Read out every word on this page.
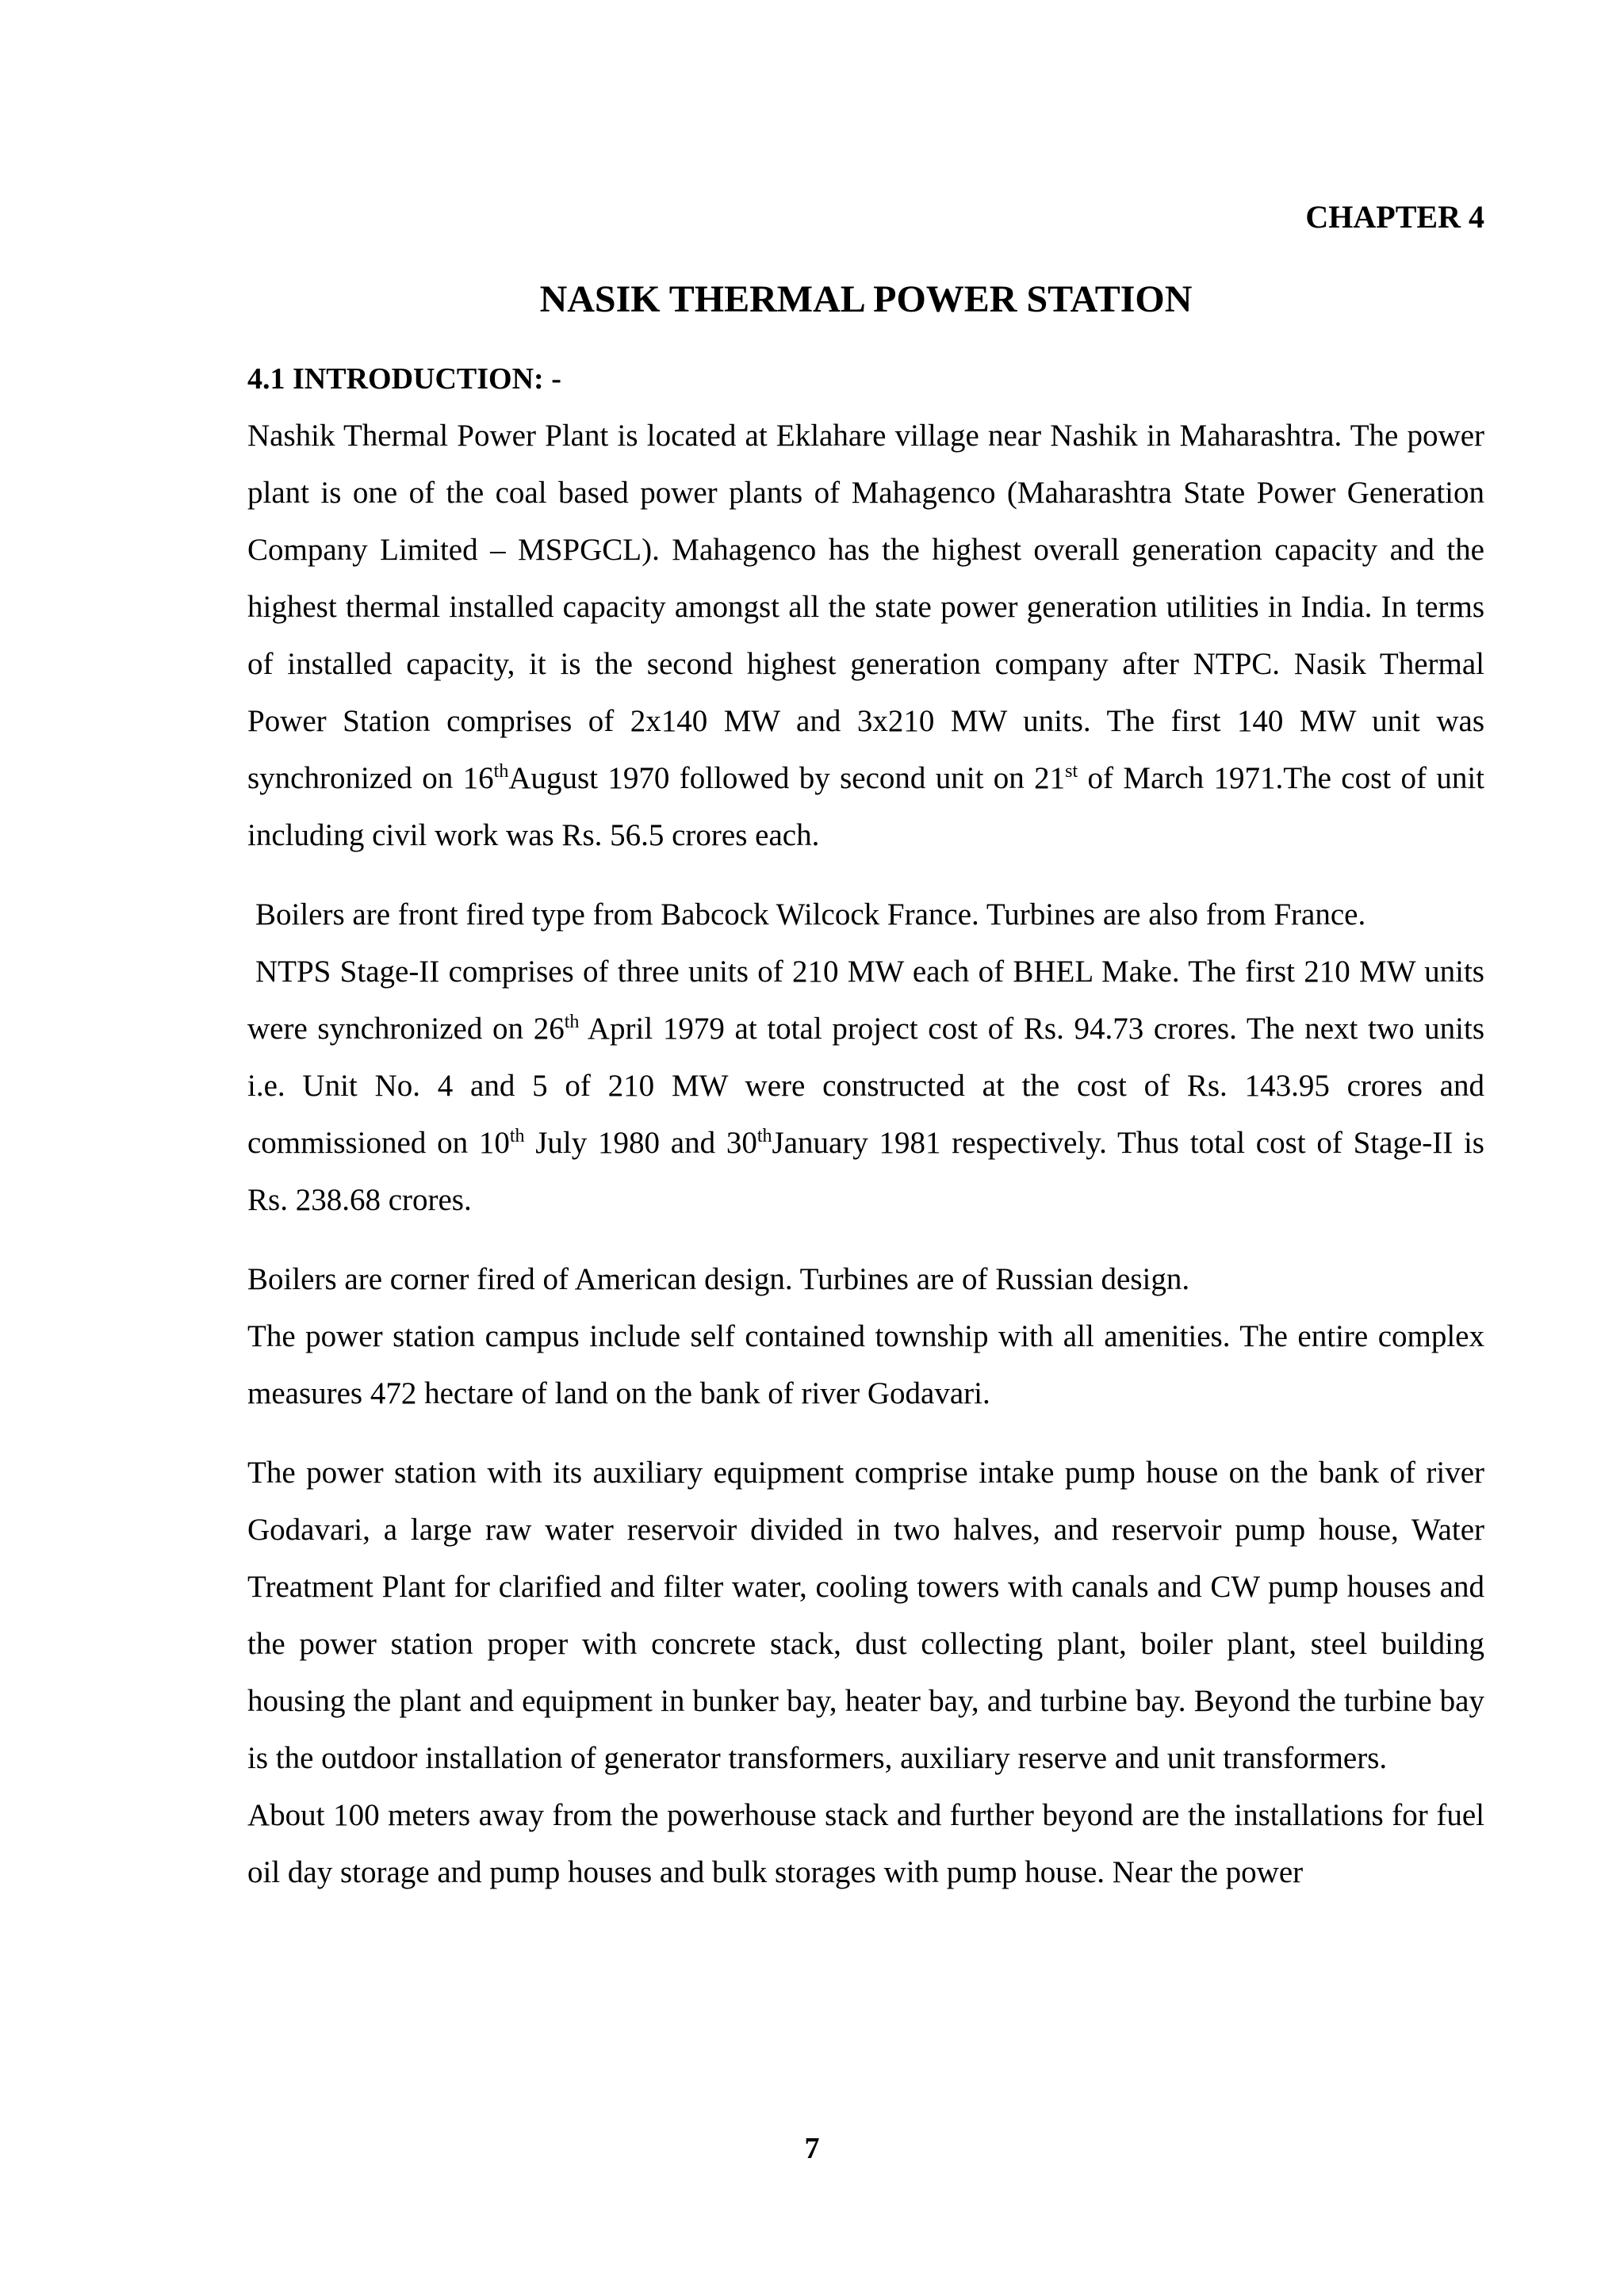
CHAPTER 4

NASIK THERMAL POWER STATION
4.1 INTRODUCTION: -

Nashik Thermal Power Plant is located at Eklahare village near Nashik in Maharashtra. The power plant is one of the coal based power plants of Mahagenco (Maharashtra State Power Generation Company Limited – MSPGCL). Mahagenco has the highest overall generation capacity and the highest thermal installed capacity amongst all the state power generation utilities in India. In terms of installed capacity, it is the second highest generation company after NTPC. Nasik Thermal Power Station comprises of 2x140 MW and 3x210 MW units. The first 140 MW unit was synchronized on 16thAugust 1970 followed by second unit on 21st of March 1971.The cost of unit including civil work was Rs. 56.5 crores each.

Boilers are front fired type from Babcock Wilcock France. Turbines are also from France.

NTPS Stage-II comprises of three units of 210 MW each of BHEL Make. The first 210 MW units were synchronized on 26th April 1979 at total project cost of Rs. 94.73 crores. The next two units i.e. Unit No. 4 and 5 of 210 MW were constructed at the cost of Rs. 143.95 crores and commissioned on 10th July 1980 and 30thJanuary 1981 respectively. Thus total cost of Stage-II is Rs. 238.68 crores.

Boilers are corner fired of American design. Turbines are of Russian design.

The power station campus include self contained township with all amenities. The entire complex measures 472 hectare of land on the bank of river Godavari.

The power station with its auxiliary equipment comprise intake pump house on the bank of river Godavari, a large raw water reservoir divided in two halves, and reservoir pump house, Water Treatment Plant for clarified and filter water, cooling towers with canals and CW pump houses and the power station proper with concrete stack, dust collecting plant, boiler plant, steel building housing the plant and equipment in bunker bay, heater bay, and turbine bay. Beyond the turbine bay is the outdoor installation of generator transformers, auxiliary reserve and unit transformers.

About 100 meters away from the powerhouse stack and further beyond are the installations for fuel oil day storage and pump houses and bulk storages with pump house. Near the power

7
